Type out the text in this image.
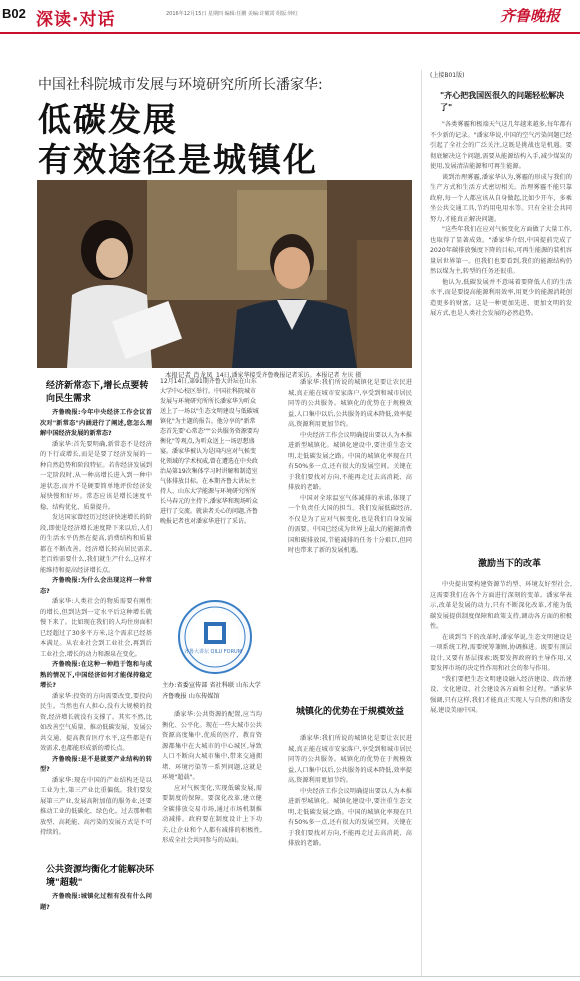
B02 深读·对话	2016年12月15日 星期四 编辑:任鹏 美编:许曜霄 组版:钟红	齐鲁晚报
中国社科院城市发展与环境研究所所长潘家华:
低碳发展
有效途径是城镇化
14日,潘家华接受齐鲁晚报记者采访。本报记者 左庆 摄
经济新常态下,增长点要转向民生需求

齐鲁晚报:今年中央经济工作会议首次对"新常态"内涵进行了阐述,您怎么理解中国经济发展的新常态?

潘家华:首先要明确,新常态不是经济的下行或增长,而是是要了经济发展的一种自然趋势和阶段特征。若你经济发展到一定阶段时,从一种高增长进入到一种中速状态,而并不是硬要简单地评价经济发展快慢和好坏。常态应该是增长速度平稳、结构优化、质量提升。

发达国家曾经历过经济快速增长的阶段,即使是经济增长速度降下来以后,人们的生活水平仍然在提高,消费结构和质量都在不断改善。经济增长转向居民需求,老百姓需要什么,我们就生产什么,这样才能维持和提高经济增长点。

齐鲁晚报:为什么会出现这样一种常态?

潘家华:人类社会的物质需要有刚性的增长,但到达到一定水平后这种增长就慢下来了。比如现在我们的人均住房面积已经超过了30多平方米,这个需求已经基本满足。从农业社会到工业社会,再到后工业社会,增长的动力和源泉在变化。

齐鲁晚报:在这种一种趋于饱和与成熟的情况下,中国经济如何才能保持稳定增长?

潘家华:投资的方向需要改变,要投向民生。当然也有人担心,没有大规模的投资,经济增长就没有支撑了。其实不然,比如改善空气质量、推动低碳发展、发展公共交通、提高教育医疗水平,这些都是有效需求,也都能形成新的增长点。

齐鲁晚报:是不是就要产业结构的转型?

潘家华:现在中国的产业结构还是以工业为主,第三产业比重偏低。我们要发展第三产业,发展高附加值的服务业,还要推动工业的低碳化、绿色化。过去那种粗放型、高耗能、高污染的发展方式是不可持续的。

公共资源均衡化才能解决环境"超载"

齐鲁晚报:城镇化过程有没有什么问题?

本报记者 肖龙凤
12月14日,第91期齐鲁大讲坛在山东大学中心校区举行。中国社科院城市发展与环境研究所所长潘家华为听众送上了一场以"生态文明建设与低碳城镇化"为主题的报告。他分享的"新常态首先要'心常态'""公共服务资源要均衡化"等观点,为听众送上一场思想盛宴。潘家华被认为是国内应对气候变化领域的学术权威,曾在遭选在中央政治局第19次集体学习时讲解和制造室气体排放目标。在本期齐鲁大讲坛主持人、山东大学能源与环境研究所所长马春元的主持下,潘家华和现场听众进行了交流。就读者关心的问题,齐鲁晚报记者也对潘家华进行了采访。
齐鲁大讲坛 QILU FORUM
主办:省委宣传部 省社科联 山东大学 齐鲁晚报 山东传媒馆

潘家华:公共资源的配置,应当均衡化、公平化。现在一些大城市公共资源高度集中,优质的医疗、教育资源都集中在大城市的中心城区,导致人口不断向大城市集中,带来交通拥堵、环境污染等一系列问题,这就是环境"超载"。

应对气候变化,实现低碳发展,需要制度的保障。要深化改革,建立健全碳排放交易市场,通过市场机制推动减排。政府要在制度设计上下功夫,让企业和个人都有减排的积极性,形成全社会共同参与的局面。

潘家华:我们所说的城镇化是要让农民进城,真正能在城市安家落户,享受到和城市居民同等的公共服务。城镇化的优势在于规模效益,人口集中以后,公共服务的成本降低,效率提高,资源利用更加节约。

中央经济工作会议明确提出要以人为本推进新型城镇化。城镇化建设中,要注重生态文明,走低碳发展之路。中国的城镇化率现在只有50%多一点,还有很大的发展空间。关键在于我们要找对方向,不能再走过去高消耗、高排放的老路。

中国对全球温室气体减排的承诺,体现了一个负责任大国的担当。我们发展低碳经济,不仅是为了应对气候变化,也是我们自身发展的需要。中国已经成为世界上最大的能源消费国和碳排放国,节能减排的任务十分艰巨,但同时也带来了新的发展机遇。

城镇化的优势在于规模效益

潘家华:我们所说的城镇化是要让农民进城,真正能在城市安家落户,享受到和城市居民同等的公共服务。城镇化的优势在于规模效益,人口集中以后,公共服务的成本降低,效率提高,资源利用更加节约。

中央经济工作会议明确提出要以人为本推进新型城镇化。城镇化建设中,要注重生态文明,走低碳发展之路。中国的城镇化率现在只有50%多一点,还有很大的发展空间。关键在于我们要找对方向,不能再走过去高消耗、高排放的老路。

(上接B01版)
"齐心把我国医很久的问题轻松解决了"

"各类雾霾和极端天气这几年越来越多,每年都有不少新的记录。"潘家华说,中国的空气污染问题已经引起了全社会的广泛关注,这既是挑战也是机遇。要彻底解决这个问题,需要从能源结构入手,减少煤炭的使用,发展清洁能源和可再生能源。

谈到治理雾霾,潘家华认为,雾霾的形成与我们的生产方式和生活方式密切相关。治理雾霾不能只靠政府,每一个人都应该从自身做起,比如少开车、多乘坐公共交通工具,节约用电用水等。只有全社会共同努力,才能真正解决问题。

"这些年我们在应对气候变化方面做了大量工作,也取得了显著成效。"潘家华介绍,中国提前完成了2020年碳排放强度下降的目标,可再生能源的装机容量居世界第一。但我们也要看到,我们的能源结构仍然以煤为主,转型的任务还很重。

他认为,低碳发展并不意味着要降低人们的生活水平,而是要提高能源利用效率,用更少的能源消耗创造更多的财富。这是一种更加先进、更加文明的发展方式,也是人类社会发展的必然趋势。

激励当下的改革

中央提出要构建资源节约型、环境友好型社会,这需要我们在各个方面进行深刻的变革。潘家华表示,改革是发展的动力,只有不断深化改革,才能为低碳发展提供制度保障和政策支持,调动各方面的积极性。

在谈到当下的改革时,潘家华说,生态文明建设是一项系统工程,需要统筹兼顾,协调推进。既要有顶层设计,又要有基层探索;既要发挥政府的主导作用,又要发挥市场的决定性作用和社会的参与作用。

"我们要把生态文明建设融入经济建设、政治建设、文化建设、社会建设各方面和全过程。"潘家华强调,只有这样,我们才能真正实现人与自然的和谐发展,建设美丽中国。
